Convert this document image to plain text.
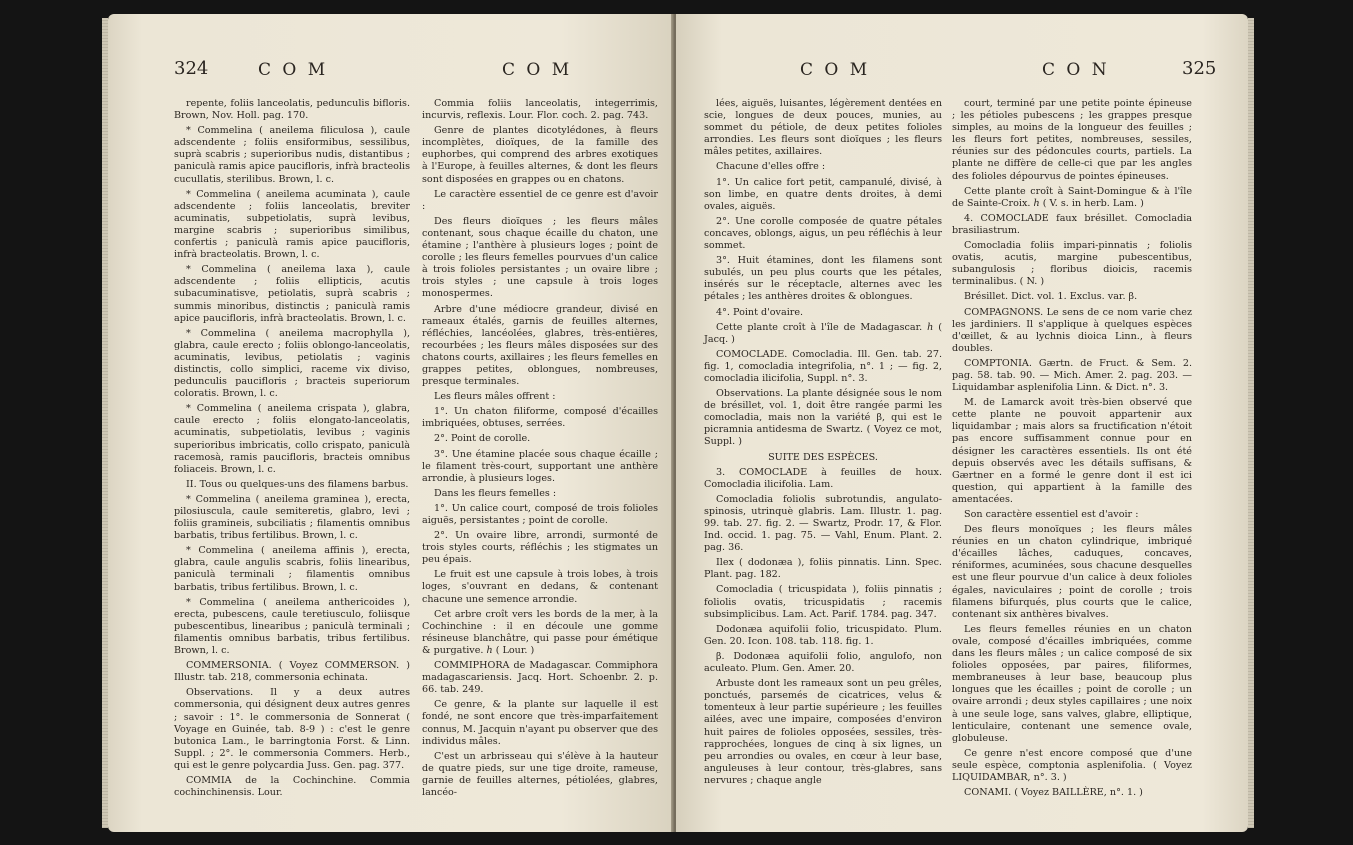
324	C O M	C O M

repente, foliis lanceolatis, pedunculis bifloris. Brown, Nov. Holl. pag. 170.

* Commelina ( aneilema filiculosa ), caule adscendente ; foliis ensiformibus, sessilibus, suprà scabris ; superioribus nudis, distantibus ; paniculà ramis apice paucifloris, infrà bracteolis cucullatis, sterilibus. Brown, l. c.

* Commelina ( aneilema acuminata ), caule adscendente ; foliis lanceolatis, breviter acuminatis, subpetiolatis, suprà levibus, margine scabris ; superioribus similibus, confertis ; paniculà ramis apice paucifloris, infrà bracteolatis. Brown, l. c.

* Commelina ( aneilema laxa ), caule adscendente ; foliis ellipticis, acutis subacuminatisve, petiolatis, suprà scabris ; summis minoribus, distinctis ; paniculà ramis apice paucifloris, infrà bracteolatis. Brown, l. c.

* Commelina ( aneilema macrophylla ), glabra, caule erecto ; foliis oblongo-lanceolatis, acuminatis, levibus, petiolatis ; vaginis distinctis, collo simplici, raceme vix diviso, pedunculis paucifloris ; bracteis superiorum coloratis. Brown, l. c.

* Commelina ( aneilema crispata ), glabra, caule erecto ; foliis elongato-lanceolatis, acuminatis, subpetiolatis, levibus ; vaginis superioribus imbricatis, collo crispato, paniculà racemosà, ramis paucifloris, bracteis omnibus foliaceis. Brown, l. c.

II. Tous ou quelques-uns des filamens barbus.

* Commelina ( aneilema graminea ), erecta, pilosiuscula, caule semiteretis, glabro, levi ; foliis gramineis, subciliatis ; filamentis omnibus barbatis, tribus fertilibus. Brown, l. c.

* Commelina ( aneilema affinis ), erecta, glabra, caule angulis scabris, foliis linearibus, paniculà terminali ; filamentis omnibus barbatis, tribus fertilibus. Brown, l. c.

* Commelina ( aneilema anthericoides ), erecta, pubescens, caule teretiusculo, foliisque pubescentibus, linearibus ; paniculà terminali ; filamentis omnibus barbatis, tribus fertilibus. Brown, l. c.

COMMERSONIA. ( Voyez COMMERSON. ) Illustr. tab. 218, commersonia echinata.

Observations. Il y a deux autres commersonia, qui désignent deux autres genres ; savoir : 1°. le commersonia de Sonnerat ( Voyage en Guinée, tab. 8-9 ) : c'est le genre butonica Lam., le barringtonia Forst. & Linn. Suppl. ; 2°. le commersonia Commers. Herb., qui est le genre polycardia Juss. Gen. pag. 377.

COMMIA de la Cochinchine. Commia cochinchinensis. Lour.

Commia foliis lanceolatis, integerrimis, incurvis, reflexis. Lour. Flor. coch. 2. pag. 743.

Genre de plantes dicotylédones, à fleurs incomplètes, dioïques, de la famille des euphorbes, qui comprend des arbres exotiques à l'Europe, à feuilles alternes, & dont les fleurs sont disposées en grappes ou en chatons.

Le caractère essentiel de ce genre est d'avoir :

Des fleurs dioïques ; les fleurs mâles contenant, sous chaque écaille du chaton, une étamine ; l'anthère à plusieurs loges ; point de corolle ; les fleurs femelles pourvues d'un calice à trois folioles persistantes ; un ovaire libre ; trois styles ; une capsule à trois loges monospermes.

Arbre d'une médiocre grandeur, divisé en rameaux étalés, garnis de feuilles alternes, réfléchies, lancéolées, glabres, très-entières, recourbées ; les fleurs mâles disposées sur des chatons courts, axillaires ; les fleurs femelles en grappes petites, oblongues, nombreuses, presque terminales.

Les fleurs mâles offrent :

1°. Un chaton filiforme, composé d'écailles imbriquées, obtuses, serrées.

2°. Point de corolle.

3°. Une étamine placée sous chaque écaille ; le filament très-court, supportant une anthère arrondie, à plusieurs loges.

Dans les fleurs femelles :

1°. Un calice court, composé de trois folioles aiguës, persistantes ; point de corolle.

2°. Un ovaire libre, arrondi, surmonté de trois styles courts, réfléchis ; les stigmates un peu épais.

Le fruit est une capsule à trois lobes, à trois loges, s'ouvrant en dedans, & contenant chacune une semence arrondie.

Cet arbre croît vers les bords de la mer, à la Cochinchine : il en découle une gomme résineuse blanchâtre, qui passe pour émétique & purgative. ℎ ( Lour. )

COMMIPHORA de Madagascar. Commiphora madagascariensis. Jacq. Hort. Schoenbr. 2. p. 66. tab. 249.

Ce genre, & la plante sur laquelle il est fondé, ne sont encore que très-imparfaitement connus, M. Jacquin n'ayant pu observer que des individus mâles.

C'est un arbrisseau qui s'élève à la hauteur de quatre pieds, sur une tige droite, rameuse, garnie de feuilles alternes, pétiolées, glabres, lancéo-

C O M	C O N	325

lées, aiguës, luisantes, légèrement dentées en scie, longues de deux pouces, munies, au sommet du pétiole, de deux petites folioles arrondies. Les fleurs sont dioïques ; les fleurs mâles petites, axillaires.

Chacune d'elles offre :

1°. Un calice fort petit, campanulé, divisé, à son limbe, en quatre dents droites, à demi ovales, aiguës.

2°. Une corolle composée de quatre pétales concaves, oblongs, aigus, un peu réfléchis à leur sommet.

3°. Huit étamines, dont les filamens sont subulés, un peu plus courts que les pétales, insérés sur le réceptacle, alternes avec les pétales ; les anthères droites & oblongues.

4°. Point d'ovaire.

Cette plante croît à l'île de Madagascar. ℎ ( Jacq. )

COMOCLADE. Comocladia. Ill. Gen. tab. 27. fig. 1, comocladia integrifolia, n°. 1 ; — fig. 2, comocladia ilicifolia, Suppl. n°. 3.

Observations. La plante désignée sous le nom de brésillet, vol. 1, doit être rangée parmi les comocladia, mais non la variété β, qui est le picramnia antidesma de Swartz. ( Voyez ce mot, Suppl. )

SUITE DES ESPÈCES.

3. COMOCLADE à feuilles de houx. Comocladia ilicifolia. Lam.

Comocladia foliolis subrotundis, angulato-spinosis, utrinquè glabris. Lam. Illustr. 1. pag. 99. tab. 27. fig. 2. — Swartz, Prodr. 17, & Flor. Ind. occid. 1. pag. 75. — Vahl, Enum. Plant. 2. pag. 36.

Ilex ( dodonæa ), foliis pinnatis. Linn. Spec. Plant. pag. 182.

Comocladia ( tricuspidata ), foliis pinnatis ; foliolis ovatis, tricuspidatis ; racemis subsimplicibus. Lam. Act. Parif. 1784. pag. 347.

Dodonæa aquifolii folio, tricuspidato. Plum. Gen. 20. Icon. 108. tab. 118. fig. 1.

β. Dodonæa aquifolii folio, angulofo, non aculeato. Plum. Gen. Amer. 20.

Arbuste dont les rameaux sont un peu grêles, ponctués, parsemés de cicatrices, velus & tomenteux à leur partie supérieure ; les feuilles ailées, avec une impaire, composées d'environ huit paires de folioles opposées, sessiles, très-rapprochées, longues de cinq à six lignes, un peu arrondies ou ovales, en cœur à leur base, anguleuses à leur contour, très-glabres, sans nervures ; chaque angle

court, terminé par une petite pointe épineuse ; les pétioles pubescens ; les grappes presque simples, au moins de la longueur des feuilles ; les fleurs fort petites, nombreuses, sessiles, réunies sur des pédoncules courts, partiels. La plante ne diffère de celle-ci que par les angles des folioles dépourvus de pointes épineuses.

Cette plante croît à Saint-Domingue & à l'île de Sainte-Croix. ℎ ( V. s. in herb. Lam. )

4. COMOCLADE faux brésillet. Comocladia brasiliastrum.

Comocladia foliis impari-pinnatis ; foliolis ovatis, acutis, margine pubescentibus, subangulosis ; floribus dioicis, racemis terminalibus. ( N. )

Brésillet. Dict. vol. 1. Exclus. var. β.

COMPAGNONS. Le sens de ce nom varie chez les jardiniers. Il s'applique à quelques espèces d'œillet, & au lychnis dioica Linn., à fleurs doubles.

COMPTONIA. Gærtn. de Fruct. & Sem. 2. pag. 58. tab. 90. — Mich. Amer. 2. pag. 203. — Liquidambar asplenifolia Linn. & Dict. n°. 3.

M. de Lamarck avoit très-bien observé que cette plante ne pouvoit appartenir aux liquidambar ; mais alors sa fructification n'étoit pas encore suffisamment connue pour en désigner les caractères essentiels. Ils ont été depuis observés avec les détails suffisans, & Gærtner en a formé le genre dont il est ici question, qui appartient à la famille des amentacées.

Son caractère essentiel est d'avoir :

Des fleurs monoïques ; les fleurs mâles réunies en un chaton cylindrique, imbriqué d'écailles lâches, caduques, concaves, réniformes, acuminées, sous chacune desquelles est une fleur pourvue d'un calice à deux folioles égales, naviculaires ; point de corolle ; trois filamens bifurqués, plus courts que le calice, contenant six anthères bivalves.

Les fleurs femelles réunies en un chaton ovale, composé d'écailles imbriquées, comme dans les fleurs mâles ; un calice composé de six folioles opposées, par paires, filiformes, membraneuses à leur base, beaucoup plus longues que les écailles ; point de corolle ; un ovaire arrondi ; deux styles capillaires ; une noix à une seule loge, sans valves, glabre, elliptique, lenticulaire, contenant une semence ovale, globuleuse.

Ce genre n'est encore composé que d'une seule espèce, comptonia asplenifolia. ( Voyez LIQUIDAMBAR, n°. 3. )

CONAMI. ( Voyez BAILLÈRE, n°. 1. )
